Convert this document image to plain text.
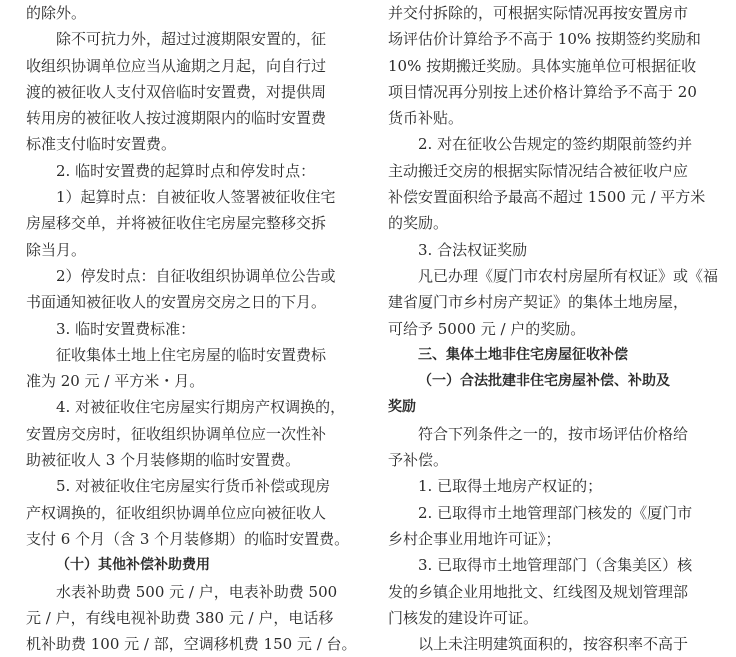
的除外。
除不可抗力外，超过过渡期限安置的，征
收组织协调单位应当从逾期之月起，向自行过
渡的被征收人支付双倍临时安置费，对提供周
转用房的被征收人按过渡期限内的临时安置费
标准支付临时安置费。
2. 临时安置费的起算时点和停发时点：
1）起算时点：自被征收人签署被征收住宅
房屋移交单，并将被征收住宅房屋完整移交拆
除当月。
2）停发时点：自征收组织协调单位公告或
书面通知被征收人的安置房交房之日的下月。
3. 临时安置费标准：
征收集体土地上住宅房屋的临时安置费标
准为 20 元 / 平方米・月。
4. 对被征收住宅房屋实行期房产权调换的，
安置房交房时，征收组织协调单位应一次性补
助被征收人 3 个月装修期的临时安置费。
5. 对被征收住宅房屋实行货币补偿或现房
产权调换的，征收组织协调单位应向被征收人
支付 6 个月（含 3 个月装修期）的临时安置费。
（十）其他补偿补助费用
水表补助费 500 元 / 户，电表补助费 500
元 / 户，有线电视补助费 380 元 / 户，电话移
机补助费 100 元 / 部，空调移机费 150 元 / 台。
并交付拆除的，可根据实际情况再按安置房市
场评估价计算给予不高于 10% 按期签约奖励和
10% 按期搬迁奖励。具体实施单位可根据征收
项目情况再分别按上述价格计算给予不高于 20
货币补贴。
2. 对在征收公告规定的签约期限前签约并
主动搬迁交房的根据实际情况结合被征收户应
补偿安置面积给予最高不超过 1500 元 / 平方米
的奖励。
3. 合法权证奖励
凡已办理《厦门市农村房屋所有权证》或《福
建省厦门市乡村房产契证》的集体土地房屋，
可给予 5000 元 / 户的奖励。
三、集体土地非住宅房屋征收补偿
（一）合法批建非住宅房屋补偿、补助及
奖励
符合下列条件之一的，按市场评估价格给
予补偿。
1. 已取得土地房产权证的；
2. 已取得市土地管理部门核发的《厦门市
乡村企事业用地许可证》；
3. 已取得市土地管理部门（含集美区）核
发的乡镇企业用地批文、红线图及规划管理部
门核发的建设许可证。
以上未注明建筑面积的，按容积率不高于
